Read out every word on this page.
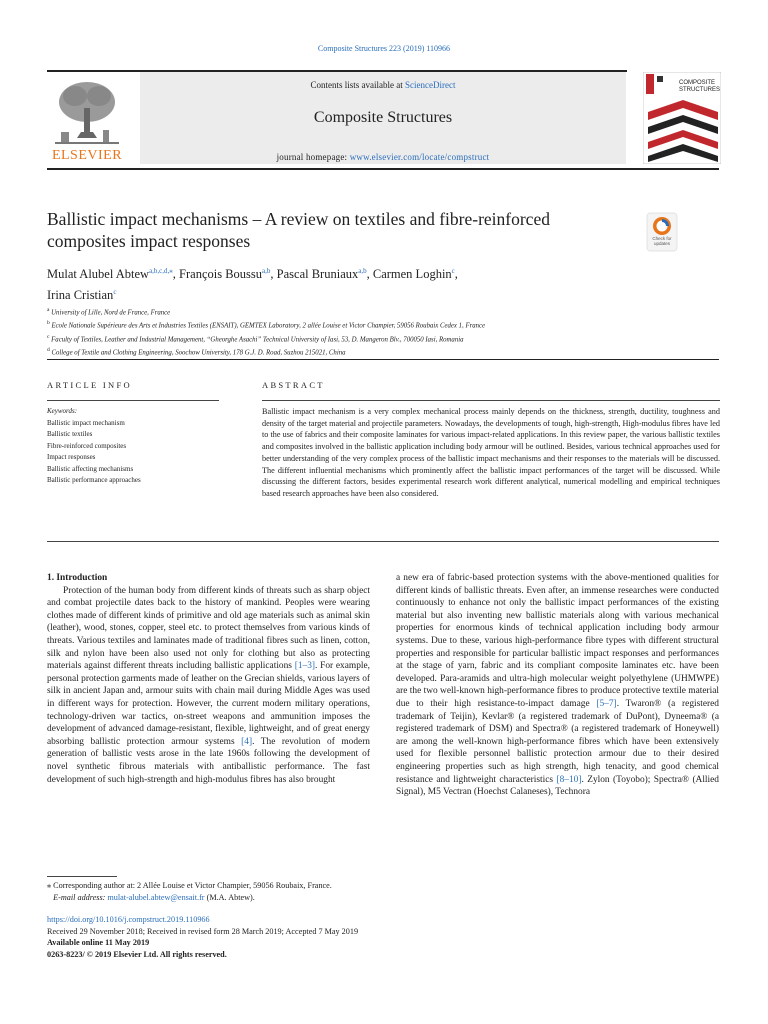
Composite Structures 223 (2019) 110966
Contents lists available at ScienceDirect
Composite Structures
journal homepage: www.elsevier.com/locate/compstruct
ELSEVIER
COMPOSITE
STRUCTURES
Ballistic impact mechanisms – A review on textiles and fibre-reinforced composites impact responses	Check for updates
Mulat Alubel Abtew$^{a,b,c,d,⁎}$, François Boussu$^{a,b}$, Pascal Bruniaux$^{a,b}$, Carmen Loghin$^c$,
Irina Cristian$^c$
$^a$ University of Lille, Nord de France, France
$^b$ Ecole Nationale Supérieure des Arts et Industries Textiles (ENSAIT), GEMTEX Laboratory, 2 allée Louise et Victor Champier, 59056 Roubaix Cedex 1, France
$^c$ Faculty of Textiles, Leather and Industrial Management, “Gheorghe Asachi” Technical University of Iasi, 53, D. Mangeron Blv., 700050 Iasi, Romania
$^d$ College of Textile and Clothing Engineering, Soochow University, 178 G.J. D. Road, Suzhou 215021, China
ARTICLE INFO	ABSTRACT
Keywords:
Ballistic impact mechanism
Ballistic textiles
Fibre-reinforced composites
Impact responses
Ballistic affecting mechanisms
Ballistic performance approaches
Ballistic impact mechanism is a very complex mechanical process mainly depends on the thickness, strength, ductility, toughness and density of the target material and projectile parameters. Nowadays, the developments of tough, high-strength, High-modulus fibres have led to the use of fabrics and their composite laminates for various impact-related applications. In this review paper, the various ballistic textiles and composites involved in the ballistic application including body armour will be outlined. Besides, various technical approaches used for better understanding of the very complex process of the ballistic impact mechanisms and their responses to the materials will be discussed. The different influential mechanisms which prominently affect the ballistic impact performances of the target will be discussed. While discussing the different factors, besides experimental research work different analytical, numerical modelling and empirical techniques based research approaches have been also considered.

1. Introduction

Protection of the human body from different kinds of threats such as sharp object and combat projectile dates back to the history of mankind. Peoples were wearing clothes made of different kinds of primitive and old age materials such as animal skin (leather), wood, stones, copper, steel etc. to protect themselves from various kinds of threats. Various textiles and laminates made of traditional fibres such as linen, cotton, silk and nylon have been also used not only for clothing but also as protecting materials against different threats including ballistic applications [1–3]. For example, personal protection garments made of leather on the Grecian shields, various layers of silk in ancient Japan and, armour suits with chain mail during Middle Ages was used in different ways for protection. However, the current modern military operations, technology-driven war tactics, on-street weapons and ammunition imposes the development of advanced damage-resistant, flexible, lightweight, and of great energy absorbing ballistic protection armour systems [4]. The revolution of modern generation of ballistic vests arose in the late 1960s following the development of novel synthetic fibrous materials with antiballistic performance. The fast development of such high-strength and high-modulus fibres has also brought

a new era of fabric-based protection systems with the above-mentioned qualities for different kinds of ballistic threats. Even after, an immense researches were conducted continuously to enhance not only the ballistic impact performances of the existing material but also inventing new ballistic materials along with various mechanical properties for enormous kinds of technical application including body armour systems. Due to these, various high-performance fibre types with different structural properties and responsible for particular ballistic impact responses and performances at the stage of yarn, fabric and its compliant composite laminates etc. have been developed. Para-aramids and ultra-high molecular weight polyethylene (UHMWPE) are the two well-known high-performance fibres to produce protective textile material due to their high resistance-to-impact damage [5–7]. Twaron® (a registered trademark of Teijin), Kevlar® (a registered trademark of DuPont), Dyneema® (a registered trademark of DSM) and Spectra® (a registered trademark of Honeywell) are among the well-known high-performance fibres which have been extensively used for flexible personnel ballistic protection armour due to their desired engineering properties such as high strength, high tenacity, and good chemical resistance and lightweight characteristics [8–10]. Zylon (Toyobo); Spectra® (Allied Signal), M5 Vectran (Hoechst Calaneses), Technora

⁎ Corresponding author at: 2 Allée Louise et Victor Champier, 59056 Roubaix, France.
E-mail address: mulat-alubel.abtew@ensait.fr (M.A. Abtew).
https://doi.org/10.1016/j.compstruct.2019.110966
Received 29 November 2018; Received in revised form 28 March 2019; Accepted 7 May 2019
Available online 11 May 2019
0263-8223/ © 2019 Elsevier Ltd. All rights reserved.
